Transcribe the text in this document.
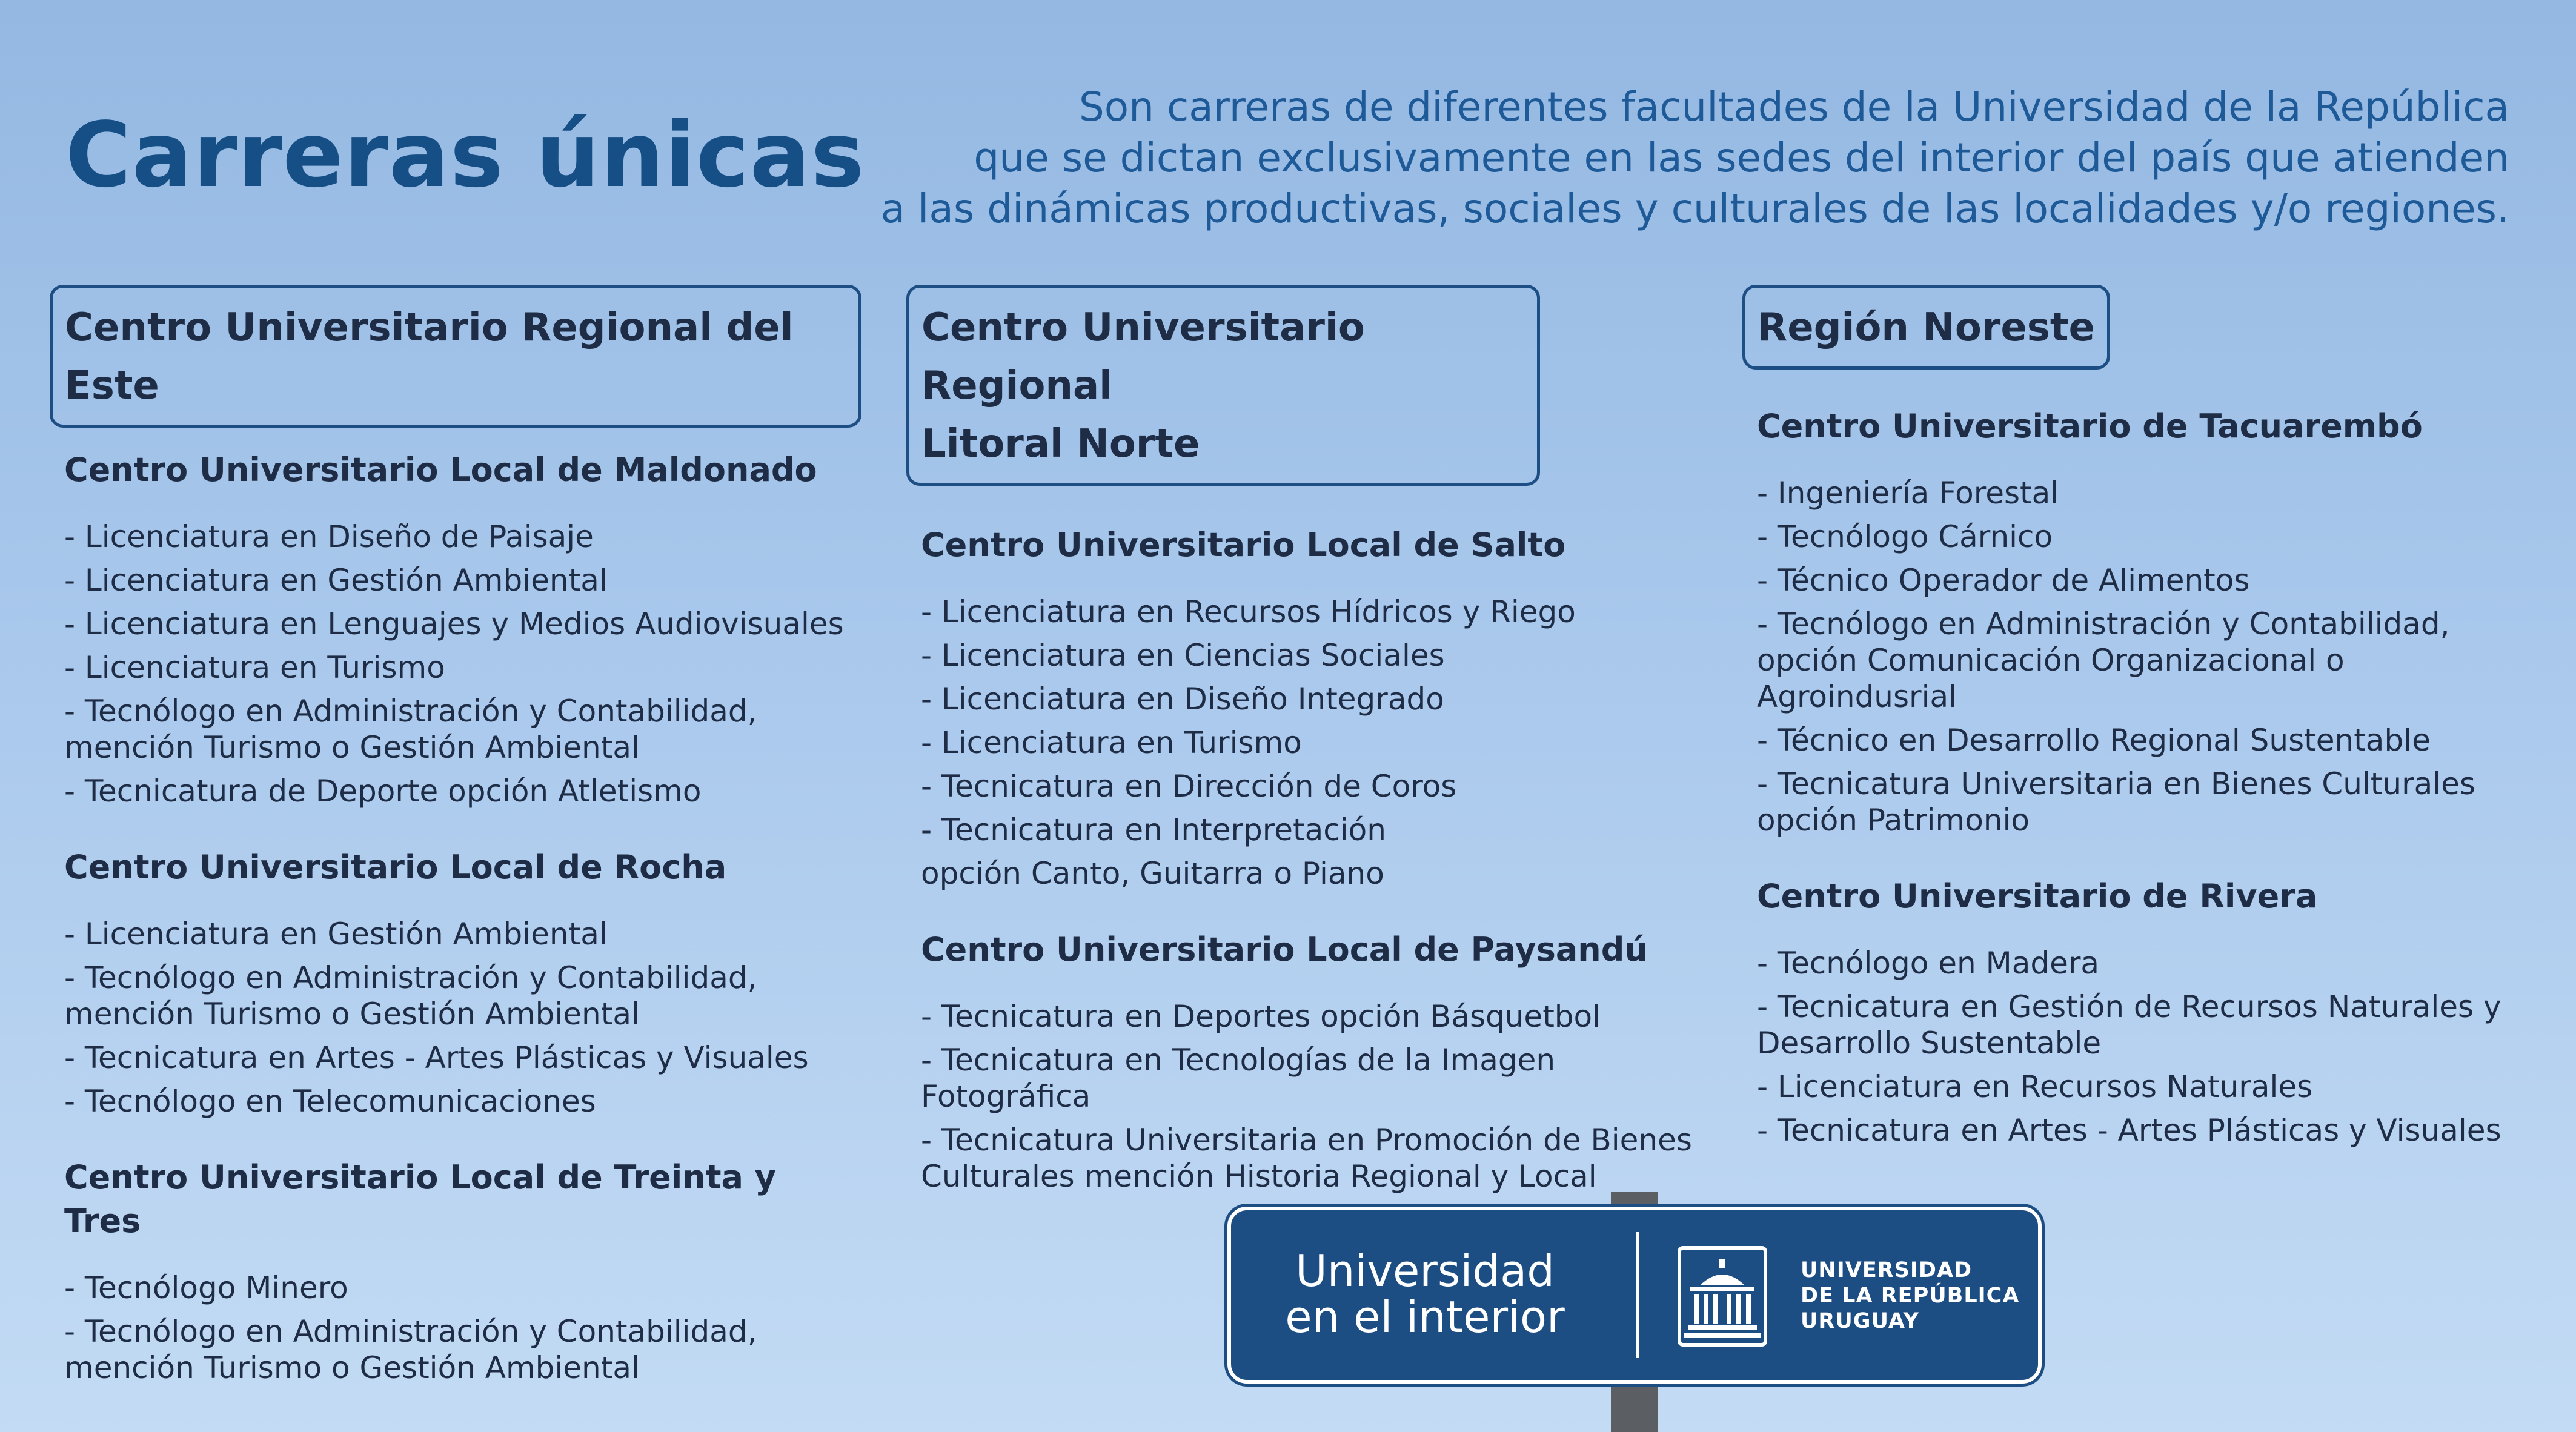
Carreras únicas	Son carreras de diferentes facultades de la Universidad de la República
que se dictan exclusivamente en las sedes del interior del país que atienden
a las dinámicas productivas, sociales y culturales de las localidades y/o regiones.
Centro Universitario Regional del Este
Centro Universitario Local de Maldonado
- Licenciatura en Diseño de Paisaje
- Licenciatura en Gestión Ambiental
- Licenciatura en Lenguajes y Medios Audiovisuales
- Licenciatura en Turismo
- Tecnólogo en Administración y Contabilidad, mención Turismo o Gestión Ambiental
- Tecnicatura de Deporte opción Atletismo
Centro Universitario Local de Rocha
- Licenciatura en Gestión Ambiental
- Tecnólogo en Administración y Contabilidad, mención Turismo o Gestión Ambiental
- Tecnicatura en Artes - Artes Plásticas y Visuales
- Tecnólogo en Telecomunicaciones
Centro Universitario Local de Treinta y Tres
- Tecnólogo Minero
- Tecnólogo en Administración y Contabilidad, mención Turismo o Gestión Ambiental
Centro Universitario Regional
Litoral Norte
Centro Universitario Local de Salto
- Licenciatura en Recursos Hídricos y Riego
- Licenciatura en Ciencias Sociales
- Licenciatura en Diseño Integrado
- Licenciatura en Turismo
- Tecnicatura en Dirección de Coros
- Tecnicatura en Interpretación
opción Canto, Guitarra o Piano
Centro Universitario Local de Paysandú
- Tecnicatura en Deportes opción Básquetbol
- Tecnicatura en Tecnologías de la Imagen Fotográfica
- Tecnicatura Universitaria en Promoción de Bienes Culturales mención Historia Regional y Local
Región Noreste
Centro Universitario de Tacuarembó
- Ingeniería Forestal
- Tecnólogo Cárnico
- Técnico Operador de Alimentos
- Tecnólogo en Administración y Contabilidad, opción Comunicación Organizacional o Agroindusrial
- Técnico en Desarrollo Regional Sustentable
- Tecnicatura Universitaria en Bienes Culturales opción Patrimonio
Centro Universitario de Rivera
- Tecnólogo en Madera
- Tecnicatura en Gestión de Recursos Naturales y Desarrollo Sustentable
- Licenciatura en Recursos Naturales
- Tecnicatura en Artes - Artes Plásticas y Visuales
Universidad
en el interior
UNIVERSIDAD
DE LA REPÚBLICA
URUGUAY
